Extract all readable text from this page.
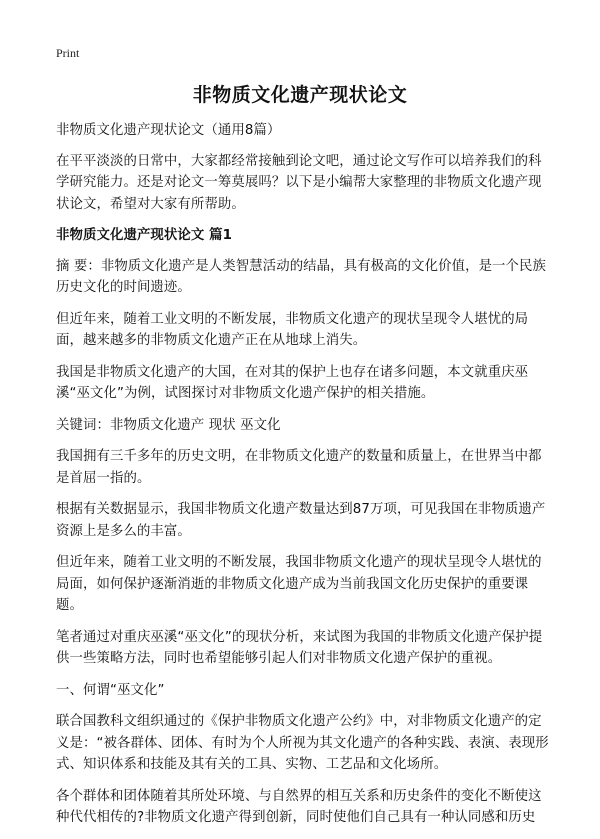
Print
非物质文化遗产现状论文

非物质文化遗产现状论文（通用8篇）

在平平淡淡的日常中，大家都经常接触到论文吧，通过论文写作可以培养我们的科学研究能力。还是对论文一筹莫展吗？以下是小编帮大家整理的非物质文化遗产现状论文，希望对大家有所帮助。

非物质文化遗产现状论文 篇1

摘 要：非物质文化遗产是人类智慧活动的结晶，具有极高的文化价值，是一个民族历史文化的时间遗迹。

但近年来，随着工业文明的不断发展，非物质文化遗产的现状呈现令人堪忧的局面，越来越多的非物质文化遗产正在从地球上消失。

我国是非物质文化遗产的大国，在对其的保护上也存在诸多问题，本文就重庆巫溪“巫文化”为例，试图探讨对非物质文化遗产保护的相关措施。

关键词：非物质文化遗产 现状 巫文化

我国拥有三千多年的历史文明，在非物质文化遗产的数量和质量上，在世界当中都是首屈一指的。

根据有关数据显示，我国非物质文化遗产数量达到87万项，可见我国在非物质遗产资源上是多么的丰富。

但近年来，随着工业文明的不断发展，我国非物质文化遗产的现状呈现令人堪忧的局面，如何保护逐渐消逝的非物质文化遗产成为当前我国文化历史保护的重要课题。

笔者通过对重庆巫溪“巫文化”的现状分析，来试图为我国的非物质文化遗产保护提供一些策略方法，同时也希望能够引起人们对非物质文化遗产保护的重视。

一、何谓“巫文化”

联合国教科文组织通过的《保护非物质文化遗产公约》中，对非物质文化遗产的定义是：“被各群体、团体、有时为个人所视为其文化遗产的各种实践、表演、表现形式、知识体系和技能及其有关的工具、实物、工艺品和文化场所。

各个群体和团体随着其所处环境、与自然界的相互关系和历史条件的变化不断使这种代代相传的?非物质文化遗产得到创新，同时使他们自己具有一种认同感和历史
